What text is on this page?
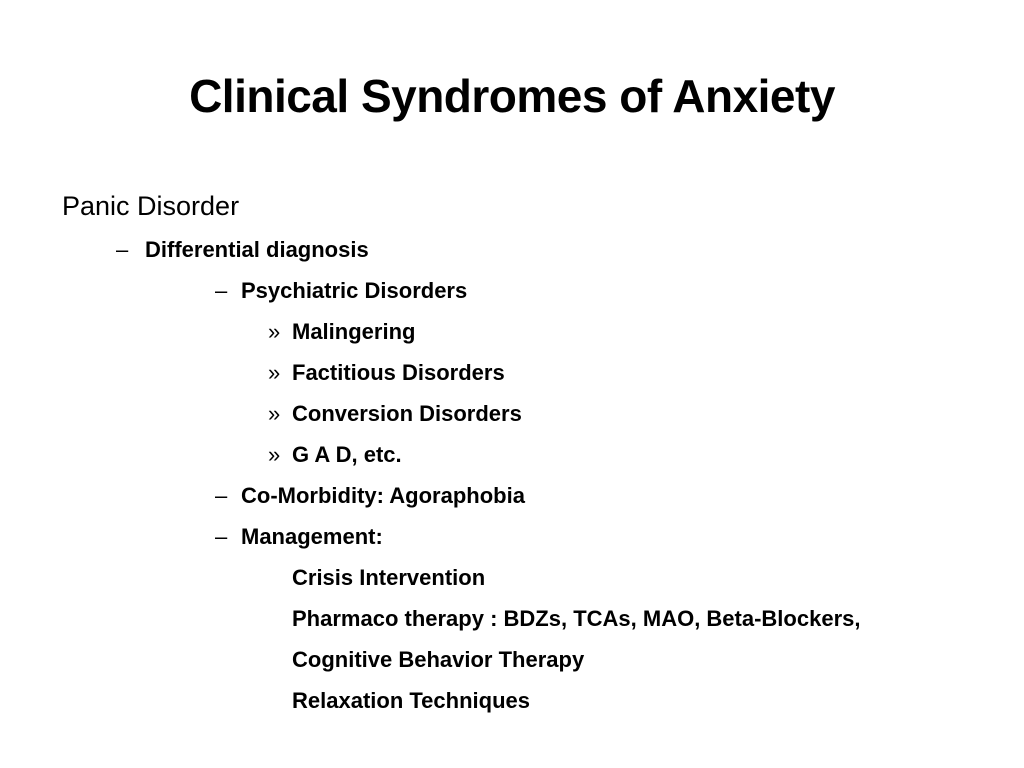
Clinical Syndromes of Anxiety
Panic Disorder
– Differential diagnosis
– Psychiatric Disorders
» Malingering
» Factitious Disorders
» Conversion Disorders
» G A D, etc.
– Co-Morbidity: Agoraphobia
– Management:
Crisis Intervention
Pharmaco therapy : BDZs, TCAs, MAO, Beta-Blockers,
Cognitive Behavior Therapy
Relaxation Techniques
